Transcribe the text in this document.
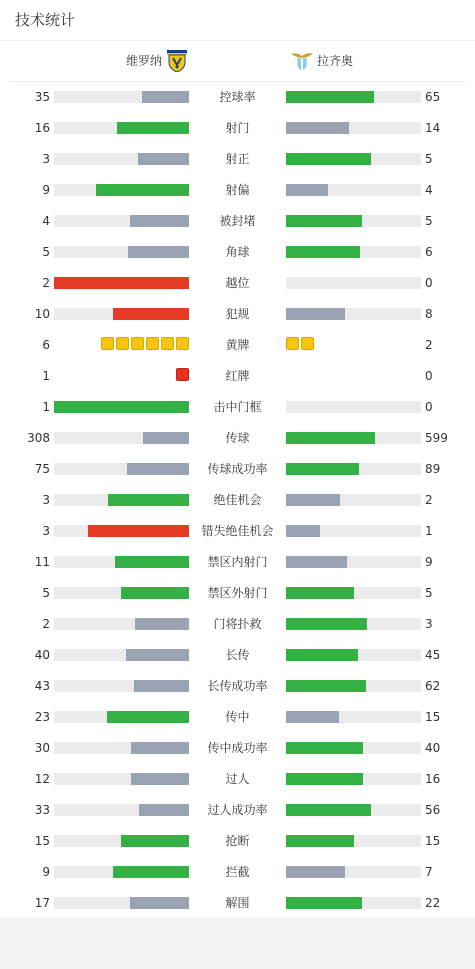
技术统计
维罗纳	拉齐奥
35	控球率	65
16	射门	14
3	射正	5
9	射偏	4
4	被封堵	5
5	角球	6
2	越位	0
10	犯规	8
6	黄牌	2
1	红牌	0
1	击中门框	0
308	传球	599
75	传球成功率	89
3	绝佳机会	2
3	错失绝佳机会	1
11	禁区内射门	9
5	禁区外射门	5
2	门将扑救	3
40	长传	45
43	长传成功率	62
23	传中	15
30	传中成功率	40
12	过人	16
33	过人成功率	56
15	抢断	15
9	拦截	7
17	解围	22
